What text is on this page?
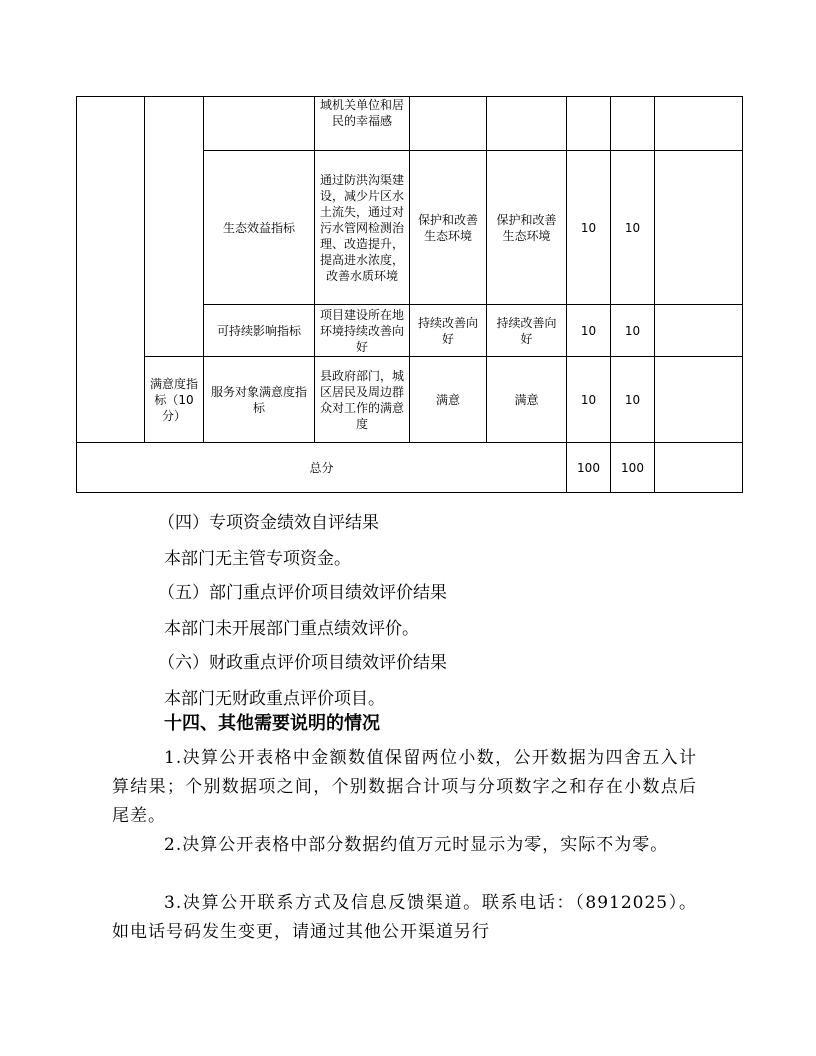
			域机关单位和居民的幸福感					
		生态效益指标	通过防洪沟渠建设，减少片区水土流失，通过对污水管网检测治理、改造提升，提高进水浓度，改善水质环境	保护和改善生态环境	保护和改善生态环境	10	10	
		可持续影响指标	项目建设所在地环境持续改善向好	持续改善向好	持续改善向好	10	10	
	满意度指标（10分）	服务对象满意度指标	县政府部门，城区居民及周边群众对工作的满意度	满意	满意	10	10	
总分						100	100	
（四）专项资金绩效自评结果
本部门无主管专项资金。
（五）部门重点评价项目绩效评价结果
本部门未开展部门重点绩效评价。
（六）财政重点评价项目绩效评价结果
本部门无财政重点评价项目。
十四、其他需要说明的情况
1.决算公开表格中金额数值保留两位小数，公开数据为四舍五入计算结果；个别数据项之间，个别数据合计项与分项数字之和存在小数点后尾差。
2.决算公开表格中部分数据约值万元时显示为零，实际不为零。
3.决算公开联系方式及信息反馈渠道。联系电话：（8912025）。如电话号码发生变更，请通过其他公开渠道另行
